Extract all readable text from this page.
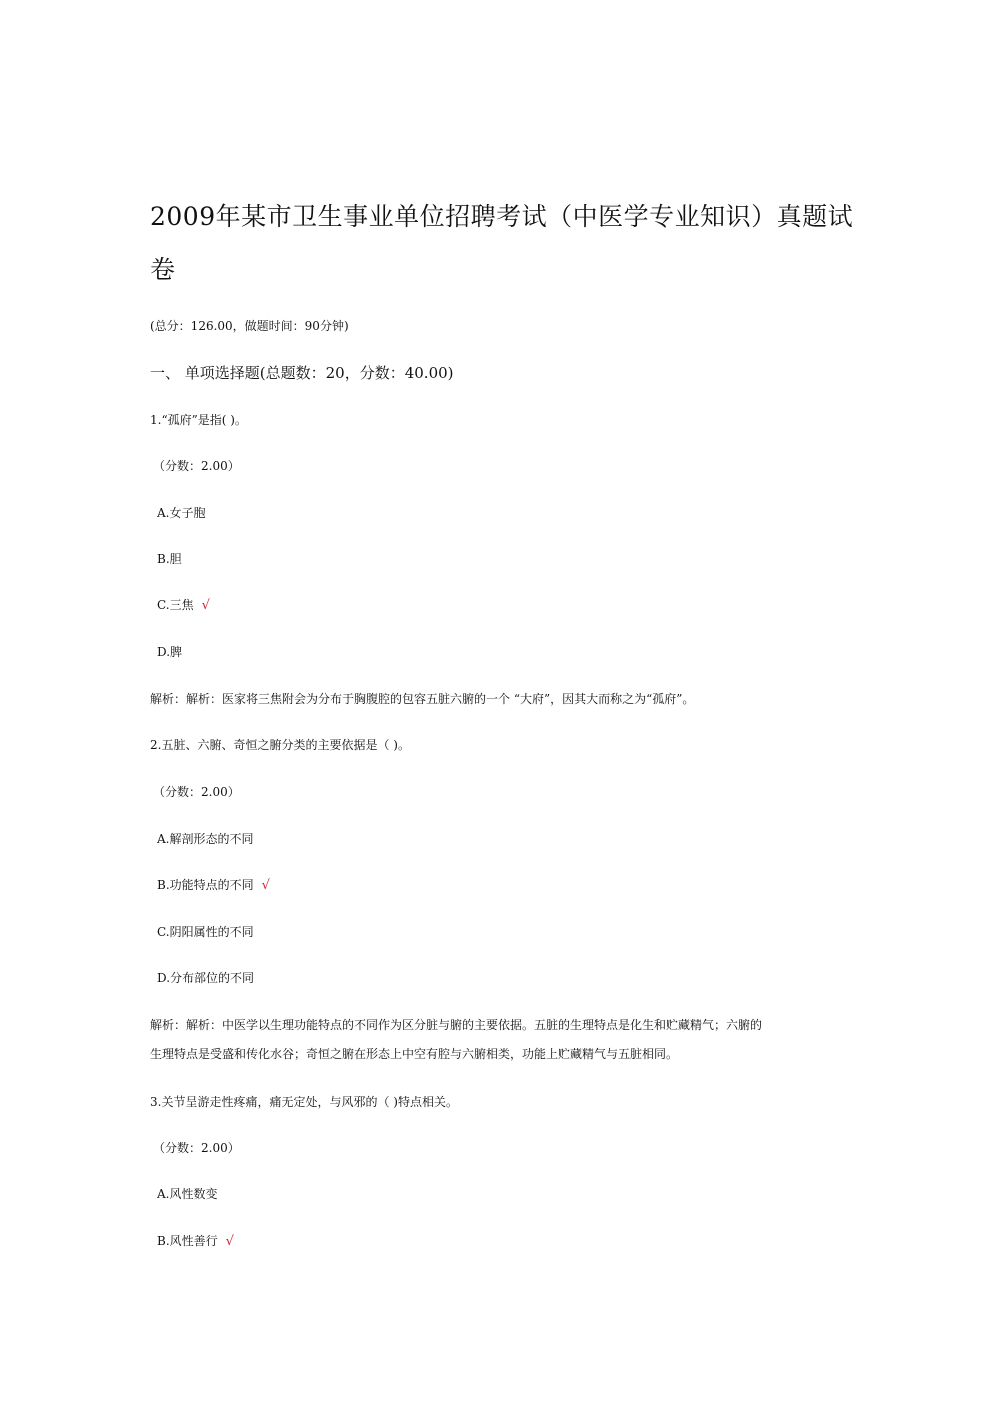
2009年某市卫生事业单位招聘考试（中医学专业知识）真题试
卷
(总分：126.00，做题时间：90分钟)
一、 单项选择题(总题数：20，分数：40.00)
1.“孤府”是指( )。
（分数：2.00）
A.女子胞
B.胆
C.三焦 √
D.脾
解析：解析：医家将三焦附会为分布于胸腹腔的包容五脏六腑的一个 “大府”，因其大而称之为“孤府”。
2.五脏、六腑、奇恒之腑分类的主要依据是（ )。
（分数：2.00）
A.解剖形态的不同
B.功能特点的不同 √
C.阴阳属性的不同
D.分布部位的不同
解析：解析：中医学以生理功能特点的不同作为区分脏与腑的主要依据。五脏的生理特点是化生和贮藏精气；六腑的
生理特点是受盛和传化水谷；奇恒之腑在形态上中空有腔与六腑相类，功能上贮藏精气与五脏相同。
3.关节呈游走性疼痛，痛无定处，与风邪的（ )特点相关。
（分数：2.00）
A.风性数变
B.风性善行 √
